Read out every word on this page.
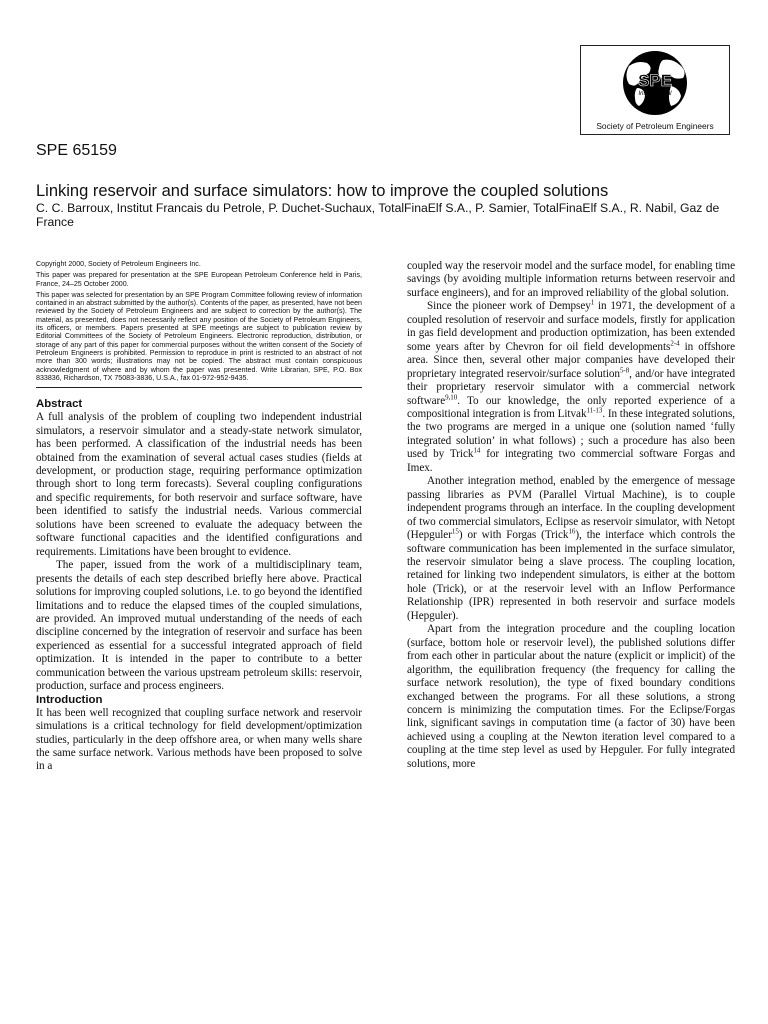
SPE
International
Society of Petroleum Engineers
SPE 65159
Linking reservoir and surface simulators: how to improve the coupled solutions
C. C. Barroux, Institut Francais du Petrole, P. Duchet-Suchaux, TotalFinaElf S.A., P. Samier, TotalFinaElf S.A., R. Nabil, Gaz de France

Copyright 2000, Society of Petroleum Engineers Inc.

This paper was prepared for presentation at the SPE European Petroleum Conference held in Paris, France, 24–25 October 2000.

This paper was selected for presentation by an SPE Program Committee following review of information contained in an abstract submitted by the author(s). Contents of the paper, as presented, have not been reviewed by the Society of Petroleum Engineers and are subject to correction by the author(s). The material, as presented, does not necessarily reflect any position of the Society of Petroleum Engineers, its officers, or members. Papers presented at SPE meetings are subject to publication review by Editorial Committees of the Society of Petroleum Engineers. Electronic reproduction, distribution, or storage of any part of this paper for commercial purposes without the written consent of the Society of Petroleum Engineers is prohibited. Permission to reproduce in print is restricted to an abstract of not more than 300 words; illustrations may not be copied. The abstract must contain conspicuous acknowledgment of where and by whom the paper was presented. Write Librarian, SPE, P.O. Box 833836, Richardson, TX 75083-3836, U.S.A., fax 01-972-952-9435.

Abstract

A full analysis of the problem of coupling two independent industrial simulators, a reservoir simulator and a steady-state network simulator, has been performed. A classification of the industrial needs has been obtained from the examination of several actual cases studies (fields at development, or production stage, requiring performance optimization through short to long term forecasts). Several coupling configurations and specific requirements, for both reservoir and surface software, have been identified to satisfy the industrial needs. Various commercial solutions have been screened to evaluate the adequacy between the software functional capacities and the identified configurations and requirements. Limitations have been brought to evidence.

The paper, issued from the work of a multidisciplinary team, presents the details of each step described briefly here above. Practical solutions for improving coupled solutions, i.e. to go beyond the identified limitations and to reduce the elapsed times of the coupled simulations, are provided. An improved mutual understanding of the needs of each discipline concerned by the integration of reservoir and surface has been experienced as essential for a successful integrated approach of field optimization. It is intended in the paper to contribute to a better communication between the various upstream petroleum skills: reservoir, production, surface and process engineers.

Introduction

It has been well recognized that coupling surface network and reservoir simulations is a critical technology for field development/optimization studies, particularly in the deep offshore area, or when many wells share the same surface network. Various methods have been proposed to solve in a

coupled way the reservoir model and the surface model, for enabling time savings (by avoiding multiple information returns between reservoir and surface engineers), and for an improved reliability of the global solution.

Since the pioneer work of Dempsey$^1$ in 1971, the development of a coupled resolution of reservoir and surface models, firstly for application in gas field development and production optimization, has been extended some years after by Chevron for oil field developments$^{2-4}$ in offshore area. Since then, several other major companies have developed their proprietary integrated reservoir/surface solution$^{5-8}$, and/or have integrated their proprietary reservoir simulator with a commercial network software$^{9,10}$. To our knowledge, the only reported experience of a compositional integration is from Litvak$^{11-13}$. In these integrated solutions, the two programs are merged in a unique one (solution named ‘fully integrated solution’ in what follows) ; such a procedure has also been used by Trick$^{14}$ for integrating two commercial software Forgas and Imex.

Another integration method, enabled by the emergence of message passing libraries as PVM (Parallel Virtual Machine), is to couple independent programs through an interface. In the coupling development of two commercial simulators, Eclipse as reservoir simulator, with Netopt (Hepguler$^{15}$) or with Forgas (Trick$^{16}$), the interface which controls the software communication has been implemented in the surface simulator, the reservoir simulator being a slave process. The coupling location, retained for linking two independent simulators, is either at the bottom hole (Trick), or at the reservoir level with an Inflow Performance Relationship (IPR) represented in both reservoir and surface models (Hepguler).

Apart from the integration procedure and the coupling location (surface, bottom hole or reservoir level), the published solutions differ from each other in particular about the nature (explicit or implicit) of the algorithm, the equilibration frequency (the frequency for calling the surface network resolution), the type of fixed boundary conditions exchanged between the programs. For all these solutions, a strong concern is minimizing the computation times. For the Eclipse/Forgas link, significant savings in computation time (a factor of 30) have been achieved using a coupling at the Newton iteration level compared to a coupling at the time step level as used by Hepguler. For fully integrated solutions, more
